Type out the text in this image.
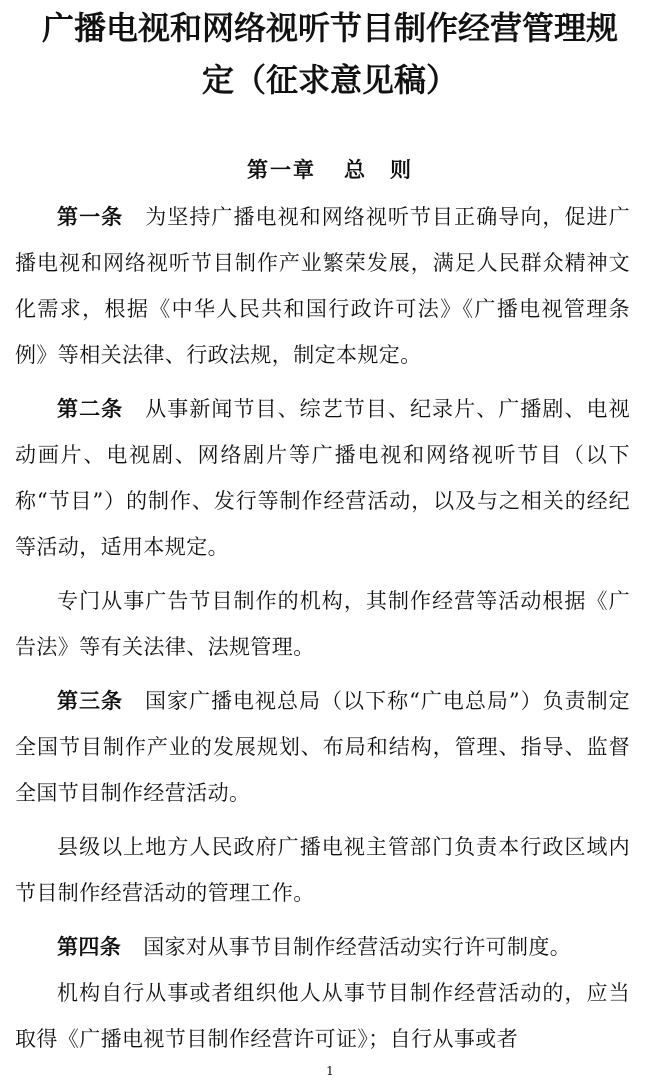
广播电视和网络视听节目制作经营管理规
定（征求意见稿）
第一章 总　则

第一条 为坚持广播电视和网络视听节目正确导向，促进广播电视和网络视听节目制作产业繁荣发展，满足人民群众精神文化需求，根据《中华人民共和国行政许可法》《广播电视管理条例》等相关法律、行政法规，制定本规定。

第二条 从事新闻节目、综艺节目、纪录片、广播剧、电视动画片、电视剧、网络剧片等广播电视和网络视听节目（以下称“节目”）的制作、发行等制作经营活动，以及与之相关的经纪等活动，适用本规定。

专门从事广告节目制作的机构，其制作经营等活动根据《广告法》等有关法律、法规管理。

第三条 国家广播电视总局（以下称“广电总局”）负责制定全国节目制作产业的发展规划、布局和结构，管理、指导、监督全国节目制作经营活动。

县级以上地方人民政府广播电视主管部门负责本行政区域内节目制作经营活动的管理工作。

第四条 国家对从事节目制作经营活动实行许可制度。

机构自行从事或者组织他人从事节目制作经营活动的，应当取得《广播电视节目制作经营许可证》；自行从事或者

1
